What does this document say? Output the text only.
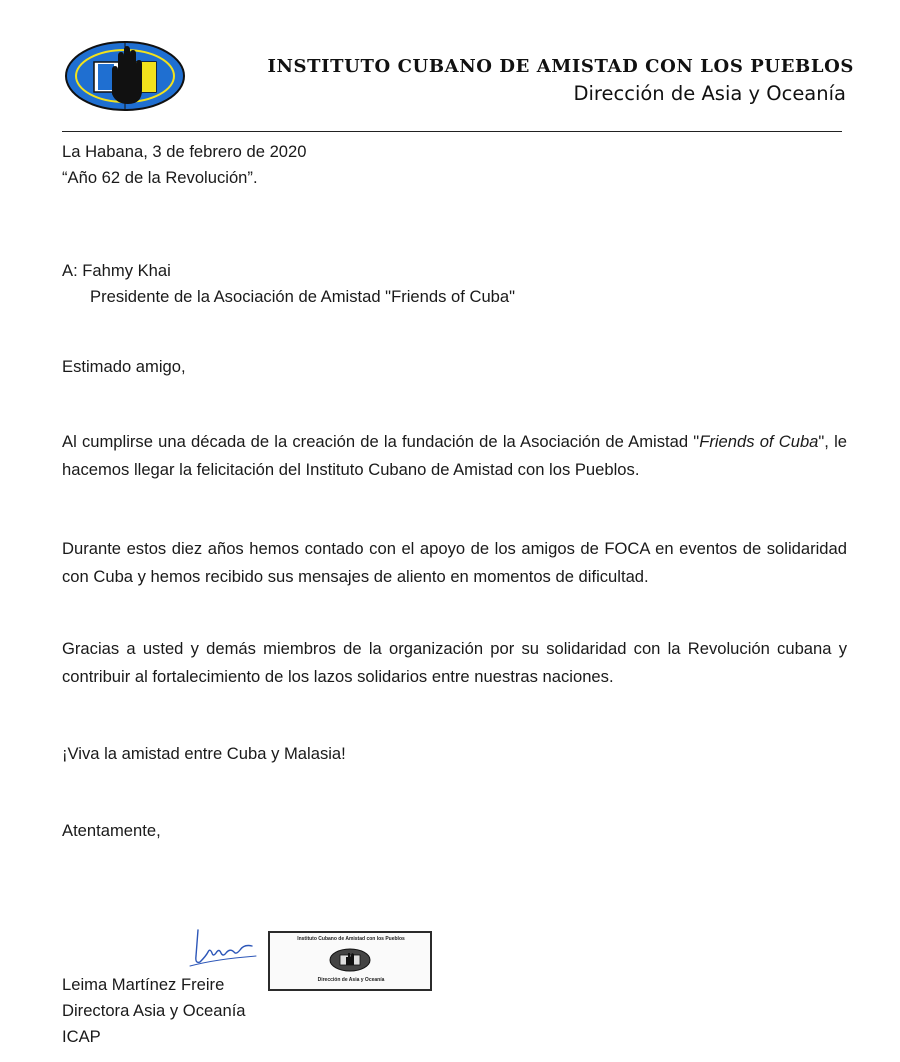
INSTITUTO CUBANO DE AMISTAD CON LOS PUEBLOS
Dirección de Asia y Oceanía
La Habana, 3 de febrero de 2020
“Año 62 de la Revolución”.
A: Fahmy Khai
Presidente de la Asociación de Amistad "Friends of Cuba"
Estimado amigo,
Al cumplirse una década de la creación de la fundación de la Asociación de Amistad "Friends of Cuba", le hacemos llegar la felicitación del Instituto Cubano de Amistad con los Pueblos.
Durante estos diez años hemos contado con el apoyo de los amigos de FOCA en eventos de solidaridad con Cuba y hemos recibido sus mensajes de aliento en momentos de dificultad.
Gracias a usted y demás miembros de la organización por su solidaridad con la Revolución cubana y contribuir al fortalecimiento de los lazos solidarios entre nuestras naciones.
¡Viva la amistad entre Cuba y Malasia!
Atentamente,
Instituto Cubano de Amistad con los Pueblos
Dirección de Asia y Oceanía
Leima Martínez Freire
Directora Asia y Oceanía
ICAP
